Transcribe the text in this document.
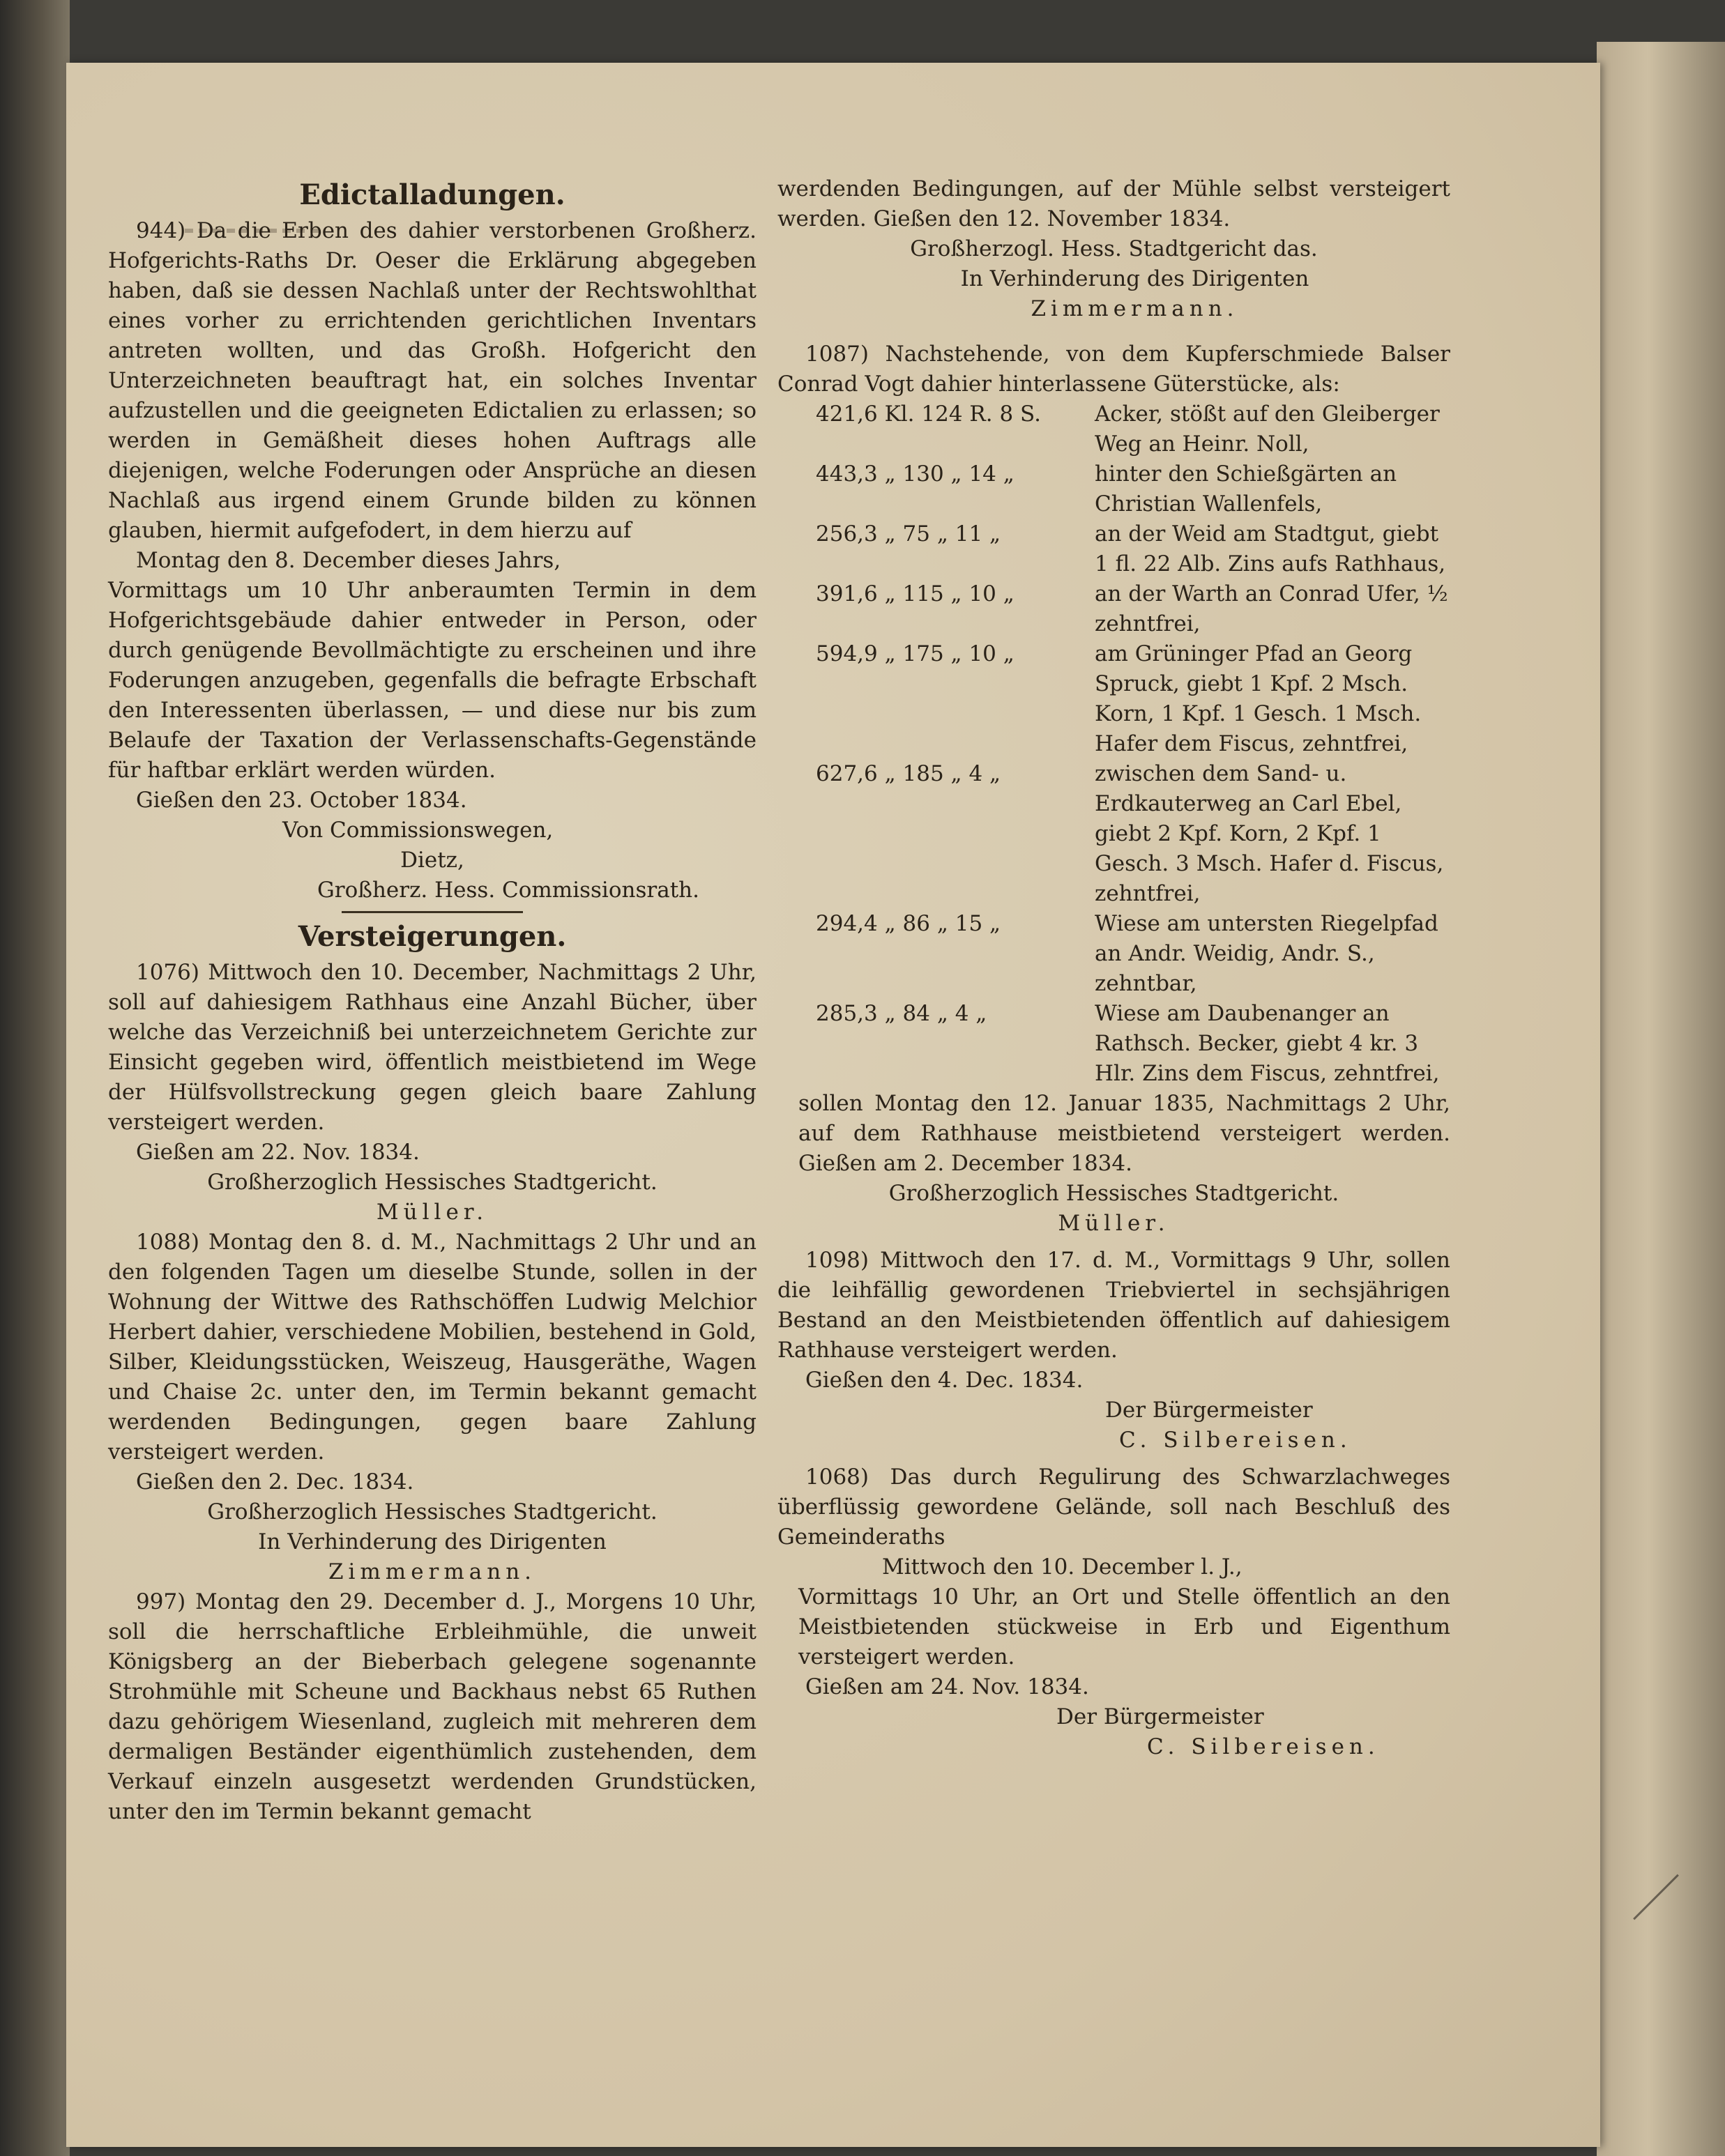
Edictalladungen.

944) Da die Erben des dahier verstorbenen Großherz. Hofgerichts-Raths Dr. Oeser die Erklärung abgegeben haben, daß sie dessen Nachlaß unter der Rechtswohlthat eines vorher zu errichtenden gerichtlichen Inventars antreten wollten, und das Großh. Hofgericht den Unterzeichneten beauftragt hat, ein solches Inventar aufzustellen und die geeigneten Edictalien zu erlassen; so werden in Gemäßheit dieses hohen Auftrags alle diejenigen, welche Foderungen oder Ansprüche an diesen Nachlaß aus irgend einem Grunde bilden zu können glauben, hiermit aufgefodert, in dem hierzu auf

Montag den 8. December dieses Jahrs,

Vormittags um 10 Uhr anberaumten Termin in dem Hofgerichtsgebäude dahier entweder in Person, oder durch genügende Bevollmächtigte zu erscheinen und ihre Foderungen anzugeben, gegenfalls die befragte Erbschaft den Interessenten überlassen, — und diese nur bis zum Belaufe der Taxation der Verlassenschafts-Gegenstände für haftbar erklärt werden würden.

Gießen den 23. October 1834.

Von Commissionswegen,

Dietz,

Großherz. Hess. Commissionsrath.

Versteigerungen.

1076) Mittwoch den 10. December, Nachmittags 2 Uhr, soll auf dahiesigem Rathhaus eine Anzahl Bücher, über welche das Verzeichniß bei unterzeichnetem Gerichte zur Einsicht gegeben wird, öffentlich meistbietend im Wege der Hülfsvollstreckung gegen gleich baare Zahlung versteigert werden.

Gießen am 22. Nov. 1834.

Großherzoglich Hessisches Stadtgericht.

Müller.

1088) Montag den 8. d. M., Nachmittags 2 Uhr und an den folgenden Tagen um dieselbe Stunde, sollen in der Wohnung der Wittwe des Rathschöffen Ludwig Melchior Herbert dahier, verschiedene Mobilien, bestehend in Gold, Silber, Kleidungsstücken, Weiszeug, Hausgeräthe, Wagen und Chaise 2c. unter den, im Termin bekannt gemacht werdenden Bedingungen, gegen baare Zahlung versteigert werden.

Gießen den 2. Dec. 1834.

Großherzoglich Hessisches Stadtgericht.

In Verhinderung des Dirigenten

Zimmermann.

997) Montag den 29. December d. J., Morgens 10 Uhr, soll die herrschaftliche Erbleihmühle, die unweit Königsberg an der Bieberbach gelegene sogenannte Strohmühle mit Scheune und Backhaus nebst 65 Ruthen dazu gehörigem Wiesenland, zugleich mit mehreren dem dermaligen Beständer eigenthümlich zustehenden, dem Verkauf einzeln ausgesetzt werdenden Grundstücken, unter den im Termin bekannt gemacht

werdenden Bedingungen, auf der Mühle selbst versteigert werden. Gießen den 12. November 1834.

Großherzogl. Hess. Stadtgericht das.

In Verhinderung des Dirigenten

Zimmermann.

1087) Nachstehende, von dem Kupferschmiede Balser Conrad Vogt dahier hinterlassene Güterstücke, als:

421,6 Kl. 124 R. 8 S.	Acker, stößt auf den Gleiberger Weg an Heinr. Noll,
443,3 „ 130 „ 14 „	hinter den Schießgärten an Christian Wallenfels,
256,3 „ 75 „ 11 „	an der Weid am Stadtgut, giebt 1 fl. 22 Alb. Zins aufs Rathhaus,
391,6 „ 115 „ 10 „	an der Warth an Conrad Ufer, ½ zehntfrei,
594,9 „ 175 „ 10 „	am Grüninger Pfad an Georg Spruck, giebt 1 Kpf. 2 Msch. Korn, 1 Kpf. 1 Gesch. 1 Msch. Hafer dem Fiscus, zehntfrei,
627,6 „ 185 „ 4 „	zwischen dem Sand- u. Erdkauterweg an Carl Ebel, giebt 2 Kpf. Korn, 2 Kpf. 1 Gesch. 3 Msch. Hafer d. Fiscus, zehntfrei,
294,4 „ 86 „ 15 „	Wiese am untersten Riegelpfad an Andr. Weidig, Andr. S., zehntbar,
285,3 „ 84 „ 4 „	Wiese am Daubenanger an Rathsch. Becker, giebt 4 kr. 3 Hlr. Zins dem Fiscus, zehntfrei,

sollen Montag den 12. Januar 1835, Nachmittags 2 Uhr, auf dem Rathhause meistbietend versteigert werden. Gießen am 2. December 1834.

Großherzoglich Hessisches Stadtgericht.

Müller.

1098) Mittwoch den 17. d. M., Vormittags 9 Uhr, sollen die leihfällig gewordenen Triebviertel in sechsjährigen Bestand an den Meistbietenden öffentlich auf dahiesigem Rathhause versteigert werden.

Gießen den 4. Dec. 1834.

Der Bürgermeister

C. Silbereisen.

1068) Das durch Regulirung des Schwarzlachweges überflüssig gewordene Gelände, soll nach Beschluß des Gemeinderaths

Mittwoch den 10. December l. J.,

Vormittags 10 Uhr, an Ort und Stelle öffentlich an den Meistbietenden stückweise in Erb und Eigenthum versteigert werden.

Gießen am 24. Nov. 1834.

Der Bürgermeister

C. Silbereisen.
